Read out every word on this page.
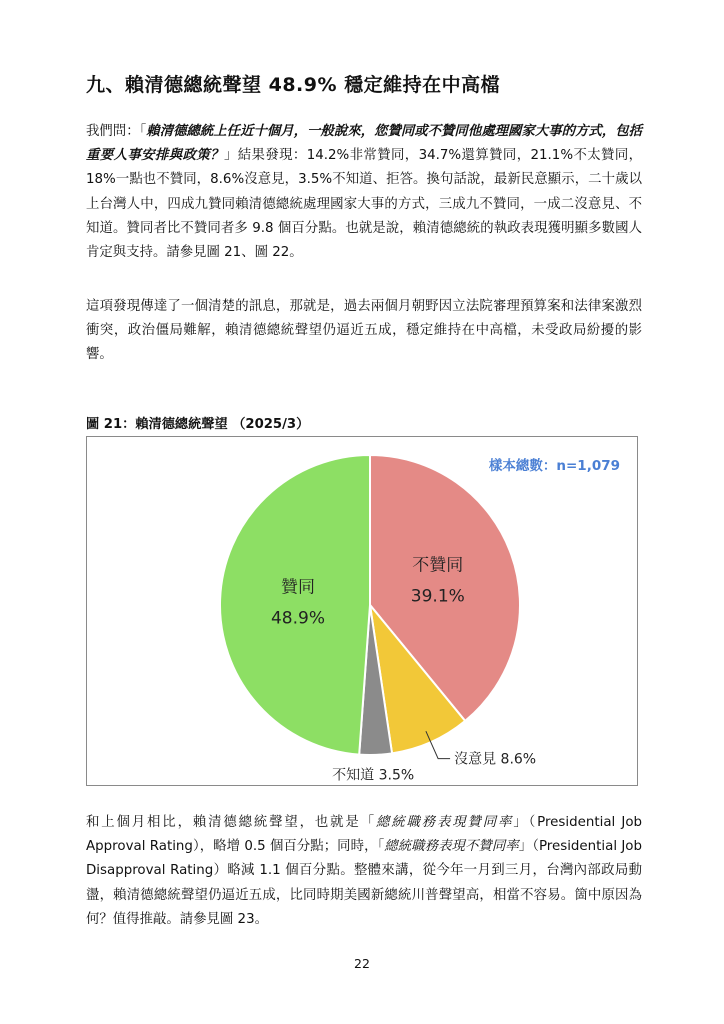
九、賴清德總統聲望 48.9% 穩定維持在中高檔

我們問：「賴清德總統上任近十個月，一般說來，您贊同或不贊同他處理國家大事的方式，包括重要人事安排與政策？」結果發現：14.2%非常贊同，34.7%還算贊同，21.1%不太贊同，18%一點也不贊同，8.6%沒意見，3.5%不知道、拒答。換句話說，最新民意顯示，二十歲以上台灣人中，四成九贊同賴清德總統處理國家大事的方式，三成九不贊同，一成二沒意見、不知道。贊同者比不贊同者多 9.8 個百分點。也就是說，賴清德總統的執政表現獲明顯多數國人肯定與支持。請參見圖 21、圖 22。

這項發現傳達了一個清楚的訊息，那就是，過去兩個月朝野因立法院審理預算案和法律案激烈衝突，政治僵局難解，賴清德總統聲望仍逼近五成，穩定維持在中高檔，未受政局紛擾的影響。

圖 21：賴清德總統聲望 （2025/3）
樣本總數：n=1,079
不贊同
39.1%
沒意見 8.6%
不知道 3.5%
贊同
48.9%

和上個月相比，賴清德總統聲望，也就是「總統職務表現贊同率」（Presidential Job Approval Rating），略增 0.5 個百分點；同時，「總統職務表現不贊同率」（Presidential Job Disapproval Rating）略減 1.1 個百分點。整體來講，從今年一月到三月，台灣內部政局動盪，賴清德總統聲望仍逼近五成，比同時期美國新總統川普聲望高，相當不容易。箇中原因為何？值得推敲。請參見圖 23。

22
